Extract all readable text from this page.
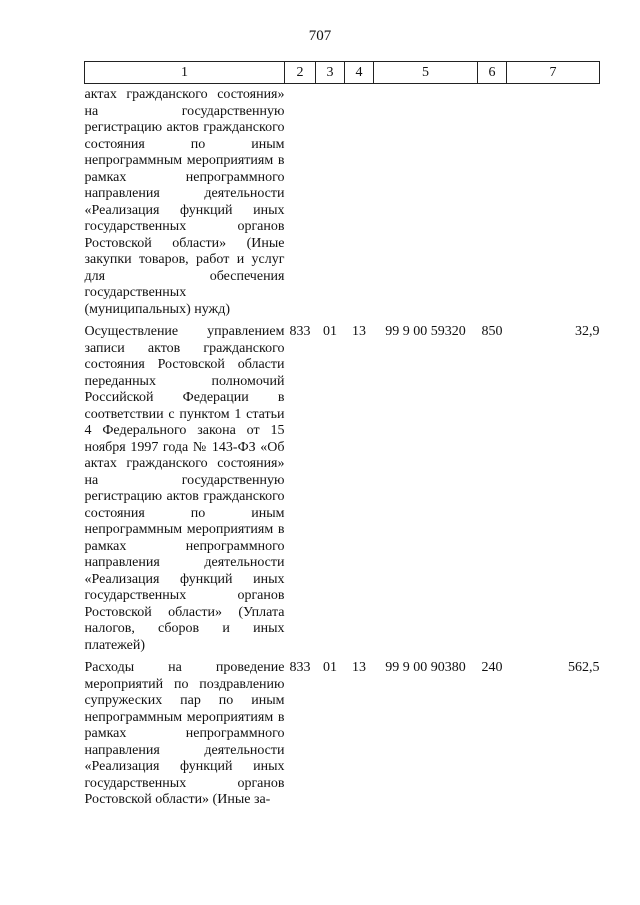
707
1	2	3	4	5	6	7
актах гражданского состояния» на государственную регистрацию актов гражданского состояния по иным непрограммным мероприятиям в рамках непрограммного направления деятельности «Реализация функций иных государственных органов Ростовской области» (Иные закупки товаров, работ и услуг для обеспечения государственных (муниципальных) нужд)						
Осуществление управлением записи актов гражданского состояния Ростовской области переданных полномочий Российской Федерации в соответствии с пунктом 1 статьи 4 Федерального закона от 15 ноября 1997 года № 143-ФЗ «Об актах гражданского состояния» на государственную регистрацию актов гражданского состояния по иным непрограммным мероприятиям в рамках непрограммного направления деятельности «Реализация функций иных государственных органов Ростовской области» (Уплата налогов, сборов и иных платежей)	833	01	13	99 9 00 59320	850	32,9
Расходы на проведение мероприятий по поздравлению супружеских пар по иным непрограммным мероприятиям в рамках непрограммного направления деятельности «Реализация функций иных государственных органов Ростовской области» (Иные за-	833	01	13	99 9 00 90380	240	562,5
